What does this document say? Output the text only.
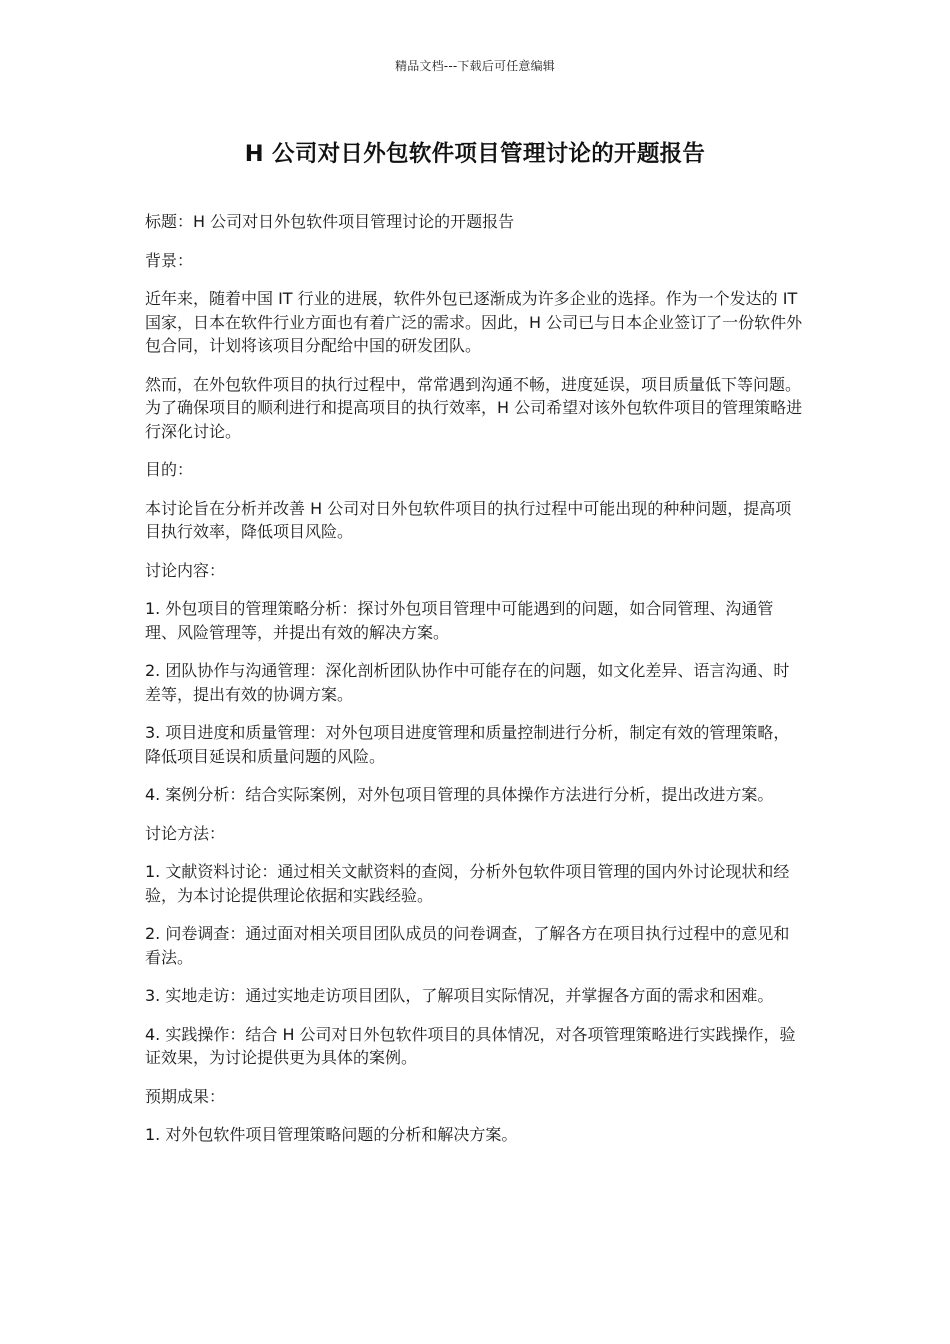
精品文档---下载后可任意编辑
H 公司对日外包软件项目管理讨论的开题报告

标题：H 公司对日外包软件项目管理讨论的开题报告

背景：

近年来，随着中国 IT 行业的进展，软件外包已逐渐成为许多企业的选择。作为一个发达的 IT 国家，日本在软件行业方面也有着广泛的需求。因此，H 公司已与日本企业签订了一份软件外包合同，计划将该项目分配给中国的研发团队。

然而，在外包软件项目的执行过程中，常常遇到沟通不畅，进度延误，项目质量低下等问题。为了确保项目的顺利进行和提高项目的执行效率，H 公司希望对该外包软件项目的管理策略进行深化讨论。

目的：

本讨论旨在分析并改善 H 公司对日外包软件项目的执行过程中可能出现的种种问题，提高项目执行效率，降低项目风险。

讨论内容：

1. 外包项目的管理策略分析：探讨外包项目管理中可能遇到的问题，如合同管理、沟通管理、风险管理等，并提出有效的解决方案。

2. 团队协作与沟通管理：深化剖析团队协作中可能存在的问题，如文化差异、语言沟通、时差等，提出有效的协调方案。

3. 项目进度和质量管理：对外包项目进度管理和质量控制进行分析，制定有效的管理策略，降低项目延误和质量问题的风险。

4. 案例分析：结合实际案例，对外包项目管理的具体操作方法进行分析，提出改进方案。

讨论方法：

1. 文献资料讨论：通过相关文献资料的查阅，分析外包软件项目管理的国内外讨论现状和经验，为本讨论提供理论依据和实践经验。

2. 问卷调查：通过面对相关项目团队成员的问卷调查，了解各方在项目执行过程中的意见和看法。

3. 实地走访：通过实地走访项目团队，了解项目实际情况，并掌握各方面的需求和困难。

4. 实践操作：结合 H 公司对日外包软件项目的具体情况，对各项管理策略进行实践操作，验证效果，为讨论提供更为具体的案例。

预期成果：

1. 对外包软件项目管理策略问题的分析和解决方案。
